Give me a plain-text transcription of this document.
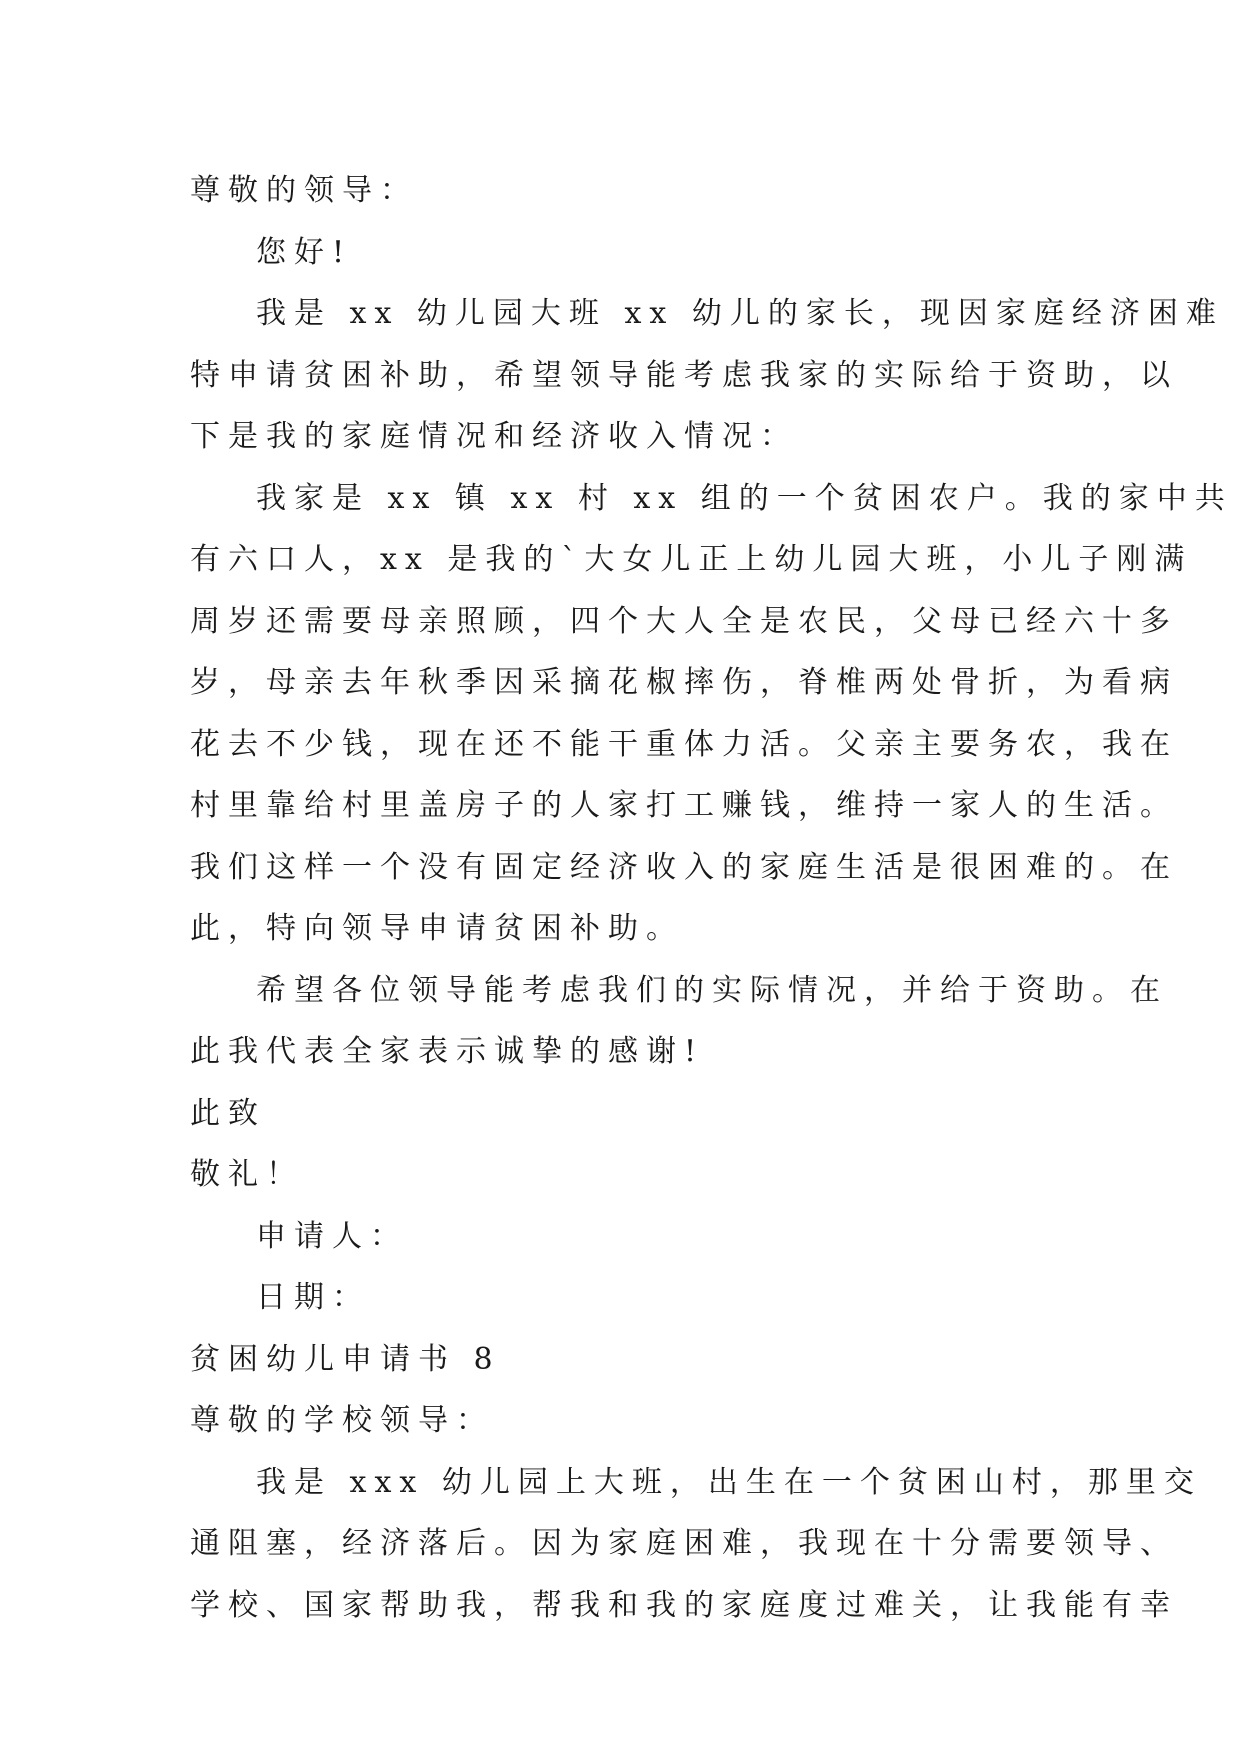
尊敬的领导：
您好!
我是 xx 幼儿园大班 xx 幼儿的家长，现因家庭经济困难
特申请贫困补助，希望领导能考虑我家的实际给于资助，以
下是我的家庭情况和经济收入情况：
我家是 xx 镇 xx 村 xx 组的一个贫困农户。我的家中共
有六口人，xx 是我的`大女儿正上幼儿园大班，小儿子刚满
周岁还需要母亲照顾，四个大人全是农民，父母已经六十多
岁，母亲去年秋季因采摘花椒摔伤，脊椎两处骨折，为看病
花去不少钱，现在还不能干重体力活。父亲主要务农，我在
村里靠给村里盖房子的人家打工赚钱，维持一家人的生活。
我们这样一个没有固定经济收入的家庭生活是很困难的。在
此，特向领导申请贫困补助。
希望各位领导能考虑我们的实际情况，并给于资助。在
此我代表全家表示诚挚的感谢!
此致
敬礼！
申请人：
日期：
贫困幼儿申请书 8
尊敬的学校领导：
我是 xxx 幼儿园上大班，出生在一个贫困山村，那里交
通阻塞，经济落后。因为家庭困难，我现在十分需要领导、
学校、国家帮助我，帮我和我的家庭度过难关，让我能有幸
